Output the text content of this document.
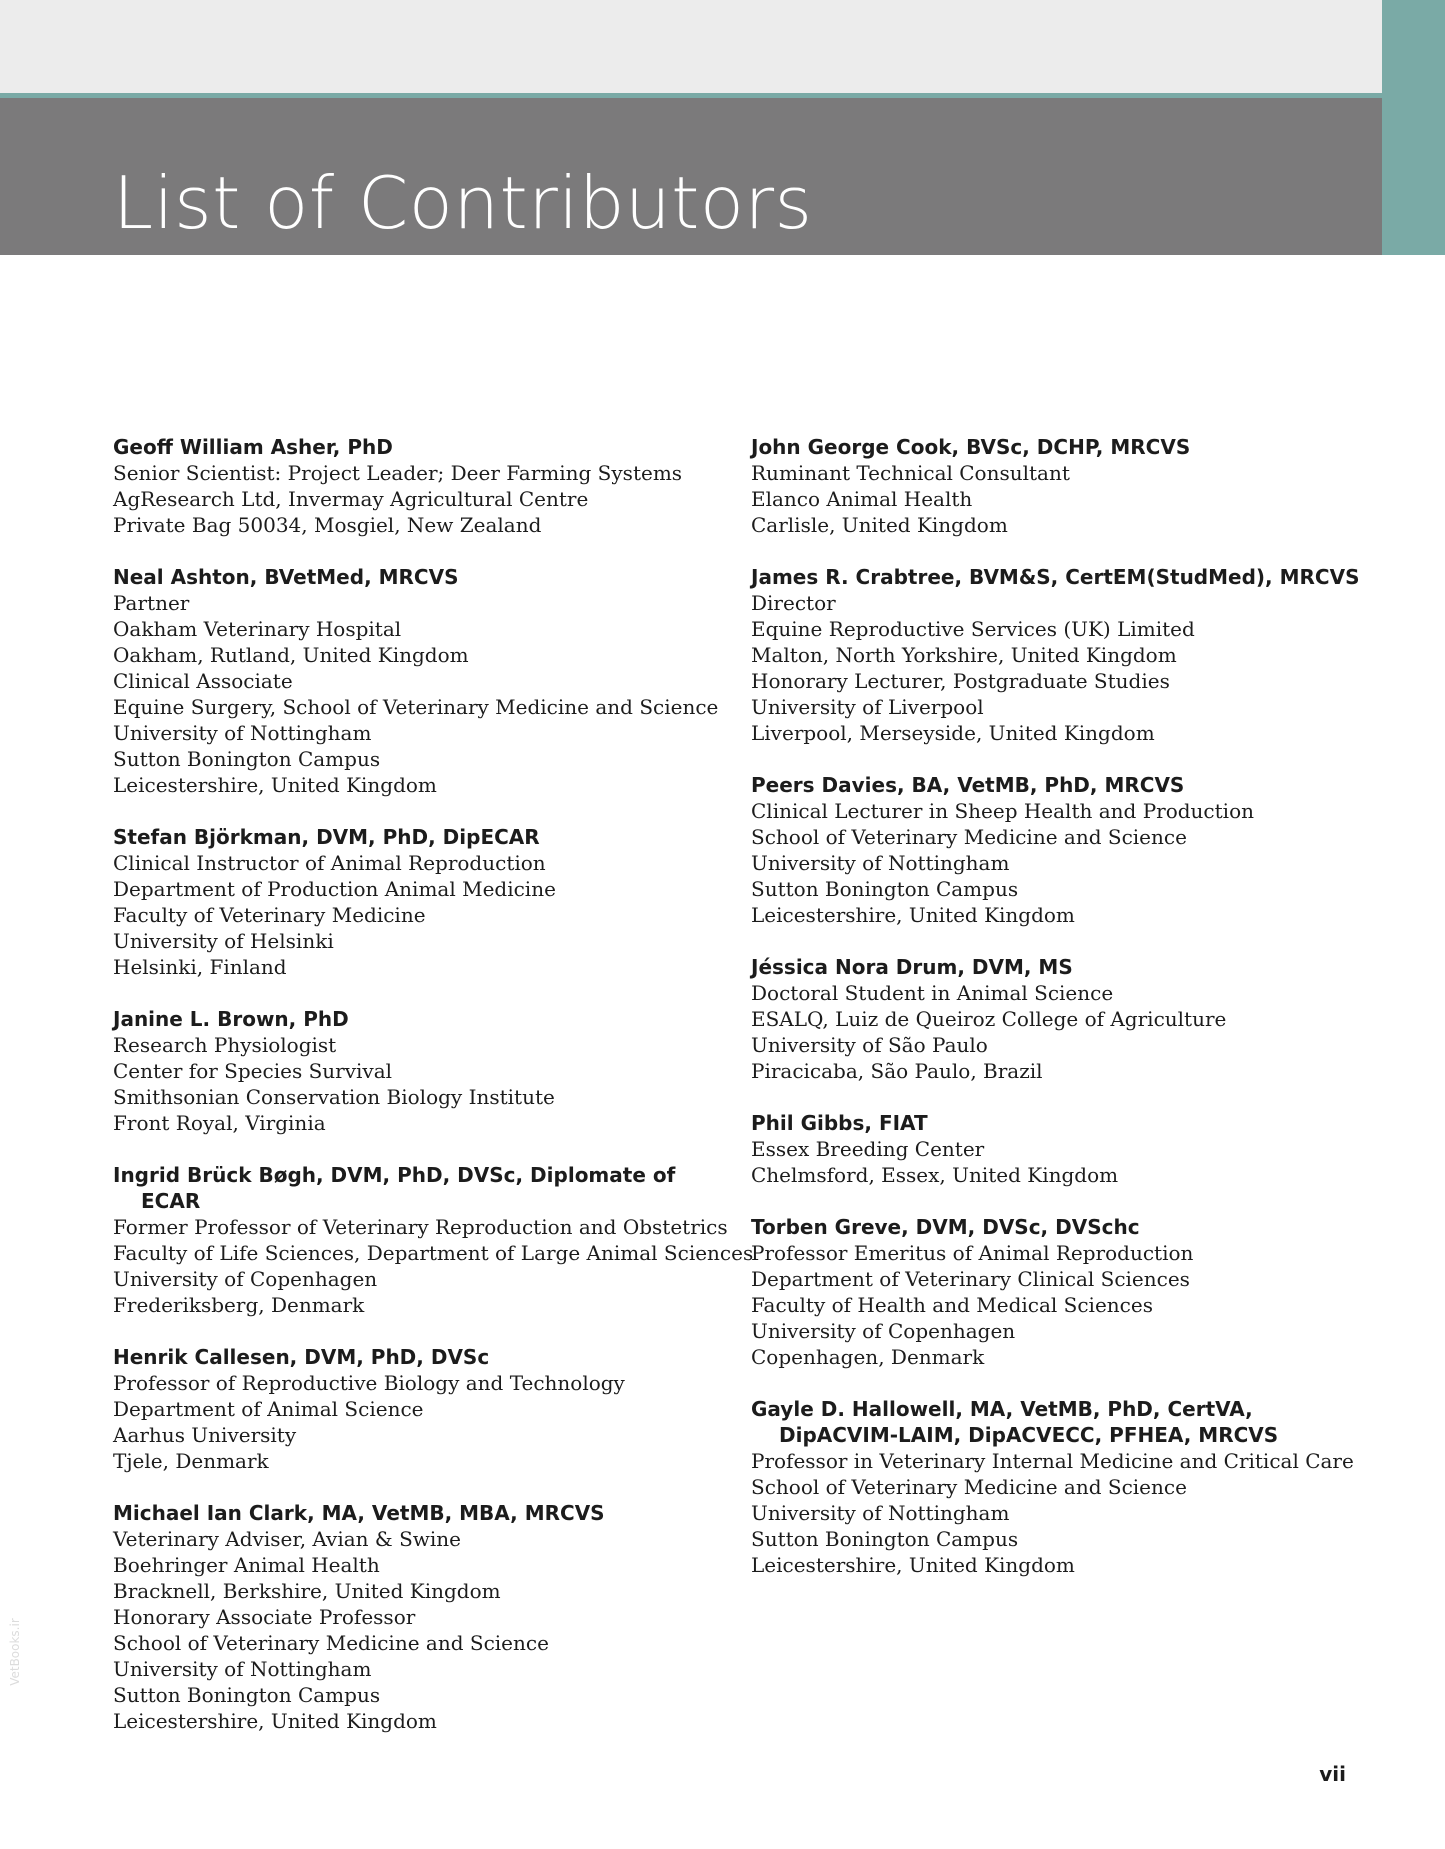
List of Contributors
Geoff William Asher, PhD
Senior Scientist: Project Leader; Deer Farming Systems
AgResearch Ltd, Invermay Agricultural Centre
Private Bag 50034, Mosgiel, New Zealand
Neal Ashton, BVetMed, MRCVS
Partner
Oakham Veterinary Hospital
Oakham, Rutland, United Kingdom
Clinical Associate
Equine Surgery, School of Veterinary Medicine and Science
University of Nottingham
Sutton Bonington Campus
Leicestershire, United Kingdom
Stefan Björkman, DVM, PhD, DipECAR
Clinical Instructor of Animal Reproduction
Department of Production Animal Medicine
Faculty of Veterinary Medicine
University of Helsinki
Helsinki, Finland
Janine L. Brown, PhD
Research Physiologist
Center for Species Survival
Smithsonian Conservation Biology Institute
Front Royal, Virginia
Ingrid Brück Bøgh, DVM, PhD, DVSc, Diplomate of ECAR
Former Professor of Veterinary Reproduction and Obstetrics
Faculty of Life Sciences, Department of Large Animal Sciences
University of Copenhagen
Frederiksberg, Denmark
Henrik Callesen, DVM, PhD, DVSc
Professor of Reproductive Biology and Technology
Department of Animal Science
Aarhus University
Tjele, Denmark
Michael Ian Clark, MA, VetMB, MBA, MRCVS
Veterinary Adviser, Avian & Swine
Boehringer Animal Health
Bracknell, Berkshire, United Kingdom
Honorary Associate Professor
School of Veterinary Medicine and Science
University of Nottingham
Sutton Bonington Campus
Leicestershire, United Kingdom
John George Cook, BVSc, DCHP, MRCVS
Ruminant Technical Consultant
Elanco Animal Health
Carlisle, United Kingdom
James R. Crabtree, BVM&S, CertEM(StudMed), MRCVS
Director
Equine Reproductive Services (UK) Limited
Malton, North Yorkshire, United Kingdom
Honorary Lecturer, Postgraduate Studies
University of Liverpool
Liverpool, Merseyside, United Kingdom
Peers Davies, BA, VetMB, PhD, MRCVS
Clinical Lecturer in Sheep Health and Production
School of Veterinary Medicine and Science
University of Nottingham
Sutton Bonington Campus
Leicestershire, United Kingdom
Jéssica Nora Drum, DVM, MS
Doctoral Student in Animal Science
ESALQ, Luiz de Queiroz College of Agriculture
University of São Paulo
Piracicaba, São Paulo, Brazil
Phil Gibbs, FIAT
Essex Breeding Center
Chelmsford, Essex, United Kingdom
Torben Greve, DVM, DVSc, DVSchc
Professor Emeritus of Animal Reproduction
Department of Veterinary Clinical Sciences
Faculty of Health and Medical Sciences
University of Copenhagen
Copenhagen, Denmark
Gayle D. Hallowell, MA, VetMB, PhD, CertVA, DipACVIM-LAIM, DipACVECC, PFHEA, MRCVS
Professor in Veterinary Internal Medicine and Critical Care
School of Veterinary Medicine and Science
University of Nottingham
Sutton Bonington Campus
Leicestershire, United Kingdom
VetBooks.ir
vii
